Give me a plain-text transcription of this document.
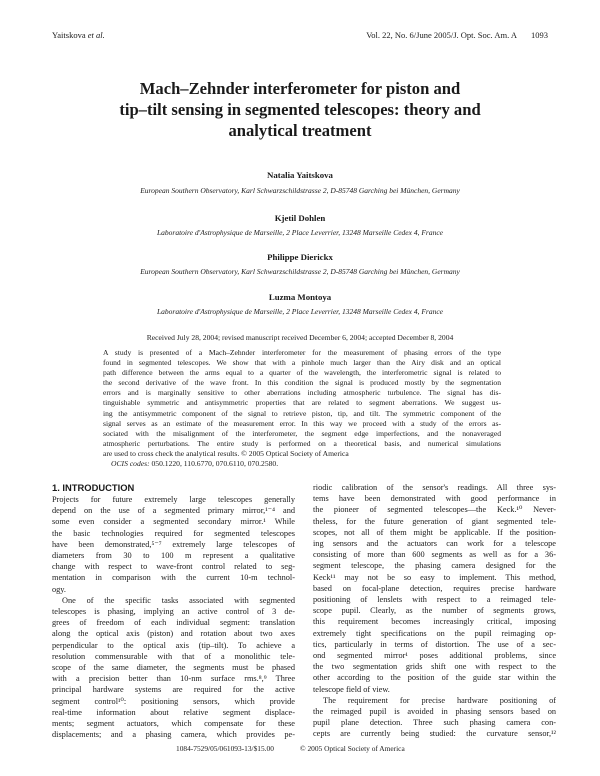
Yaitskova et al.	Vol. 22, No. 6/June 2005/J. Opt. Soc. Am. A 1093
Mach–Zehnder interferometer for piston and
tip–tilt sensing in segmented telescopes: theory and
analytical treatment
Natalia Yaitskova
European Southern Observatory, Karl Schwarzschildstrasse 2, D-85748 Garching bei München, Germany
Kjetil Dohlen
Laboratoire d'Astrophysique de Marseille, 2 Place Leverrier, 13248 Marseille Cedex 4, France
Philippe Dierickx
European Southern Observatory, Karl Schwarzschildstrasse 2, D-85748 Garching bei München, Germany
Luzma Montoya
Laboratoire d'Astrophysique de Marseille, 2 Place Leverrier, 13248 Marseille Cedex 4, France
Received July 28, 2004; revised manuscript received December 6, 2004; accepted December 8, 2004
A study is presented of a Mach–Zehnder interferometer for the measurement of phasing errors of the type
found in segmented telescopes. We show that with a pinhole much larger than the Airy disk and an optical
path difference between the arms equal to a quarter of the wavelength, the interferometric signal is related to
the second derivative of the wave front. In this condition the signal is produced mostly by the segmentation
errors and is marginally sensitive to other aberrations including atmospheric turbulence. The signal has dis-
tinguishable symmetric and antisymmetric properties that are related to segment aberrations. We suggest us-
ing the antisymmetric component of the signal to retrieve piston, tip, and tilt. The symmetric component of the
signal serves as an estimate of the measurement error. In this way we proceed with a study of the errors as-
sociated with the misalignment of the interferometer, the segment edge imperfections, and the nonaveraged
atmospheric perturbations. The entire study is performed on a theoretical basis, and numerical simulations
are used to cross check the analytical results. © 2005 Optical Society of America
OCIS codes: 050.1220, 110.6770, 070.6110, 070.2580.
1. INTRODUCTION
Projects for future extremely large telescopes generally
depend on the use of a segmented primary mirror,¹⁻⁴ and
some even consider a segmented secondary mirror.¹ While
the basic technologies required for segmented telescopes
have been demonstrated,⁵⁻⁷ extremely large telescopes of
diameters from 30 to 100 m represent a qualitative
change with respect to wave-front control related to seg-
mentation in comparison with the current 10-m technol-
ogy.
One of the specific tasks associated with segmented
telescopes is phasing, implying an active control of 3 de-
grees of freedom of each individual segment: translation
along the optical axis (piston) and rotation about two axes
perpendicular to the optical axis (tip–tilt). To achieve a
resolution commensurable with that of a monolithic tele-
scope of the same diameter, the segments must be phased
with a precision better than 10-nm surface rms.⁸,⁹ Three
principal hardware systems are required for the active
segment control¹⁰: positioning sensors, which provide
real-time information about relative segment displace-
ments; segment actuators, which compensate for these
displacements; and a phasing camera, which provides pe-
riodic calibration of the sensor's readings. All three sys-
tems have been demonstrated with good performance in
the pioneer of segmented telescopes—the Keck.¹⁰ Never-
theless, for the future generation of giant segmented tele-
scopes, not all of them might be applicable. If the position-
ing sensors and the actuators can work for a telescope
consisting of more than 600 segments as well as for a 36-
segment telescope, the phasing camera designed for the
Keck¹¹ may not be so easy to implement. This method,
based on focal-plane detection, requires precise hardware
positioning of lenslets with respect to a reimaged tele-
scope pupil. Clearly, as the number of segments grows,
this requirement becomes increasingly critical, imposing
extremely tight specifications on the pupil reimaging op-
tics, particularly in terms of distortion. The use of a sec-
ond segmented mirror¹ poses additional problems, since
the two segmentation grids shift one with respect to the
other according to the position of the guide star within the
telescope field of view.
The requirement for precise hardware positioning of
the reimaged pupil is avoided in phasing sensors based on
pupil plane detection. Three such phasing camera con-
cepts are currently being studied: the curvature sensor,¹²
1084-7529/05/061093-13/$15.00	© 2005 Optical Society of America
